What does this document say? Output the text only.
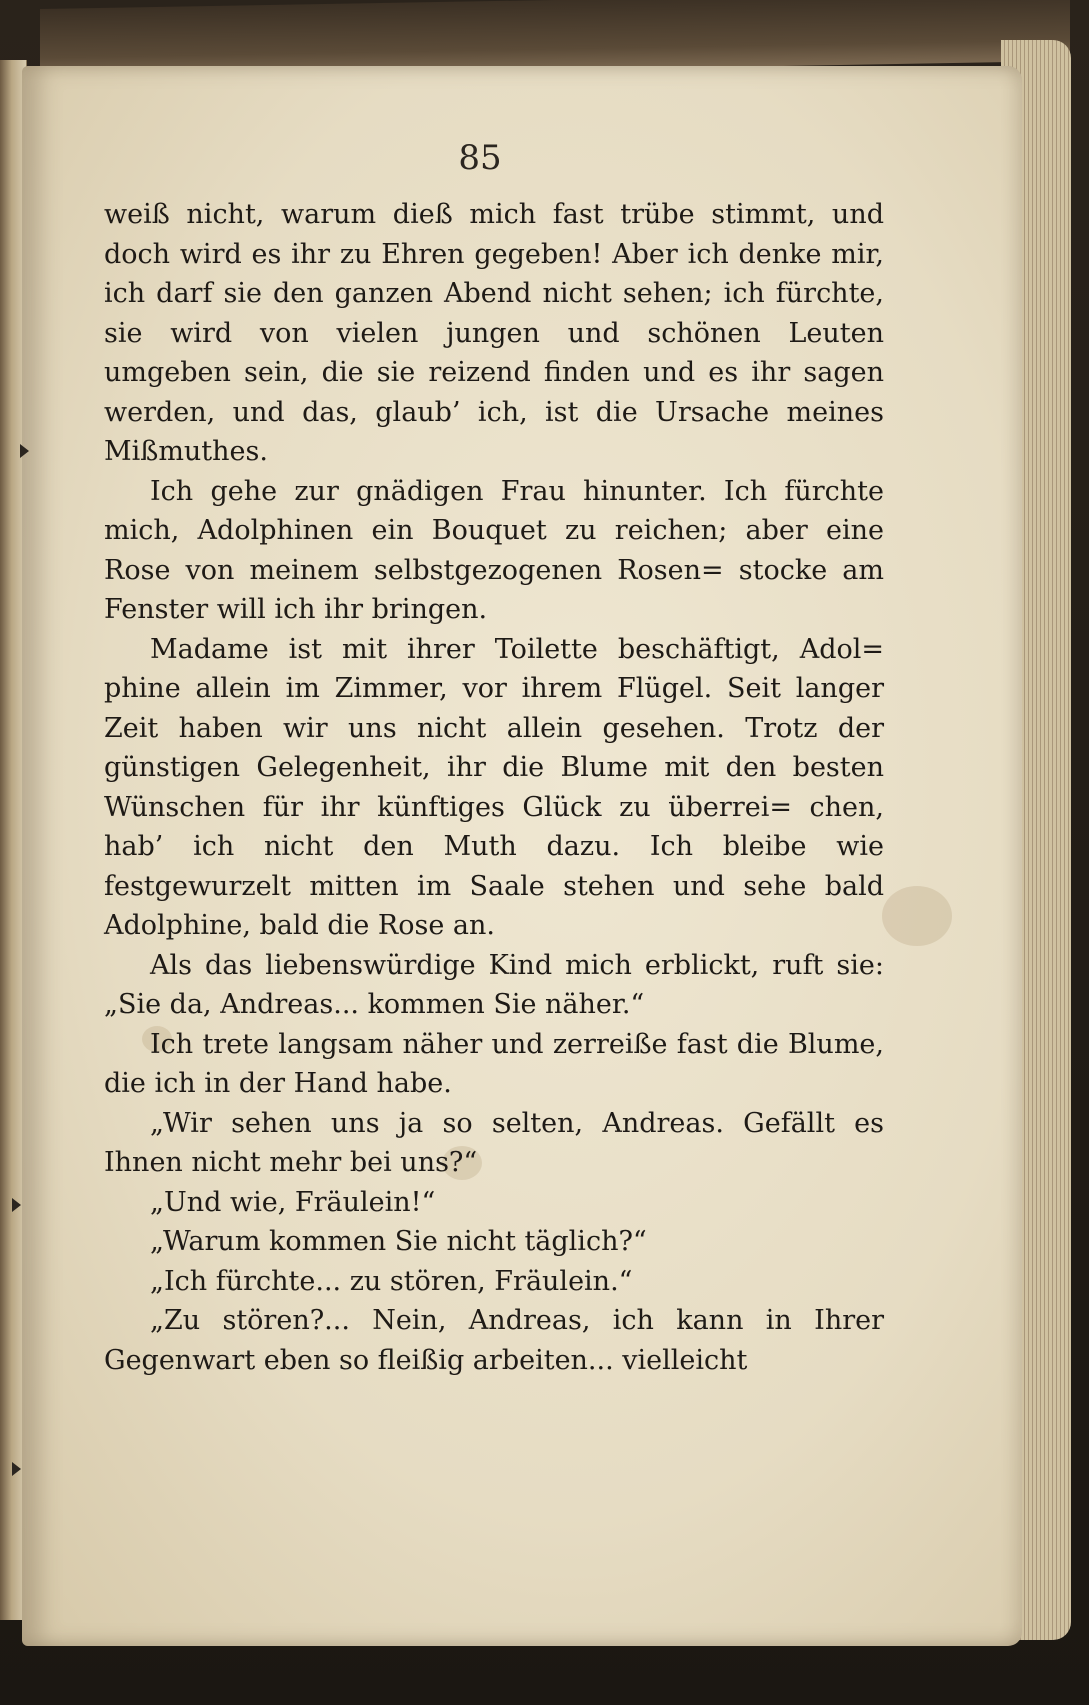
85

weiß nicht, warum dieß mich fast trübe stimmt, und doch wird es ihr zu Ehren gegeben! Aber ich denke mir, ich darf sie den ganzen Abend nicht sehen; ich fürchte, sie wird von vielen jungen und schönen Leuten umgeben sein, die sie reizend finden und es ihr sagen werden, und das, glaub’ ich, ist die Ursache meines Mißmuthes.

Ich gehe zur gnädigen Frau hinunter. Ich fürchte mich, Adolphinen ein Bouquet zu reichen; aber eine Rose von meinem selbstgezogenen Rosen= stocke am Fenster will ich ihr bringen.

Madame ist mit ihrer Toilette beschäftigt, Adol= phine allein im Zimmer, vor ihrem Flügel. Seit langer Zeit haben wir uns nicht allein gesehen. Trotz der günstigen Gelegenheit, ihr die Blume mit den besten Wünschen für ihr künftiges Glück zu überrei= chen, hab’ ich nicht den Muth dazu. Ich bleibe wie festgewurzelt mitten im Saale stehen und sehe bald Adolphine, bald die Rose an.

Als das liebenswürdige Kind mich erblickt, ruft sie: „Sie da, Andreas... kommen Sie näher.“

Ich trete langsam näher und zerreiße fast die Blume, die ich in der Hand habe.

„Wir sehen uns ja so selten, Andreas. Gefällt es Ihnen nicht mehr bei uns?“

„Und wie, Fräulein!“

„Warum kommen Sie nicht täglich?“

„Ich fürchte... zu stören, Fräulein.“

„Zu stören?... Nein, Andreas, ich kann in Ihrer Gegenwart eben so fleißig arbeiten... vielleicht
